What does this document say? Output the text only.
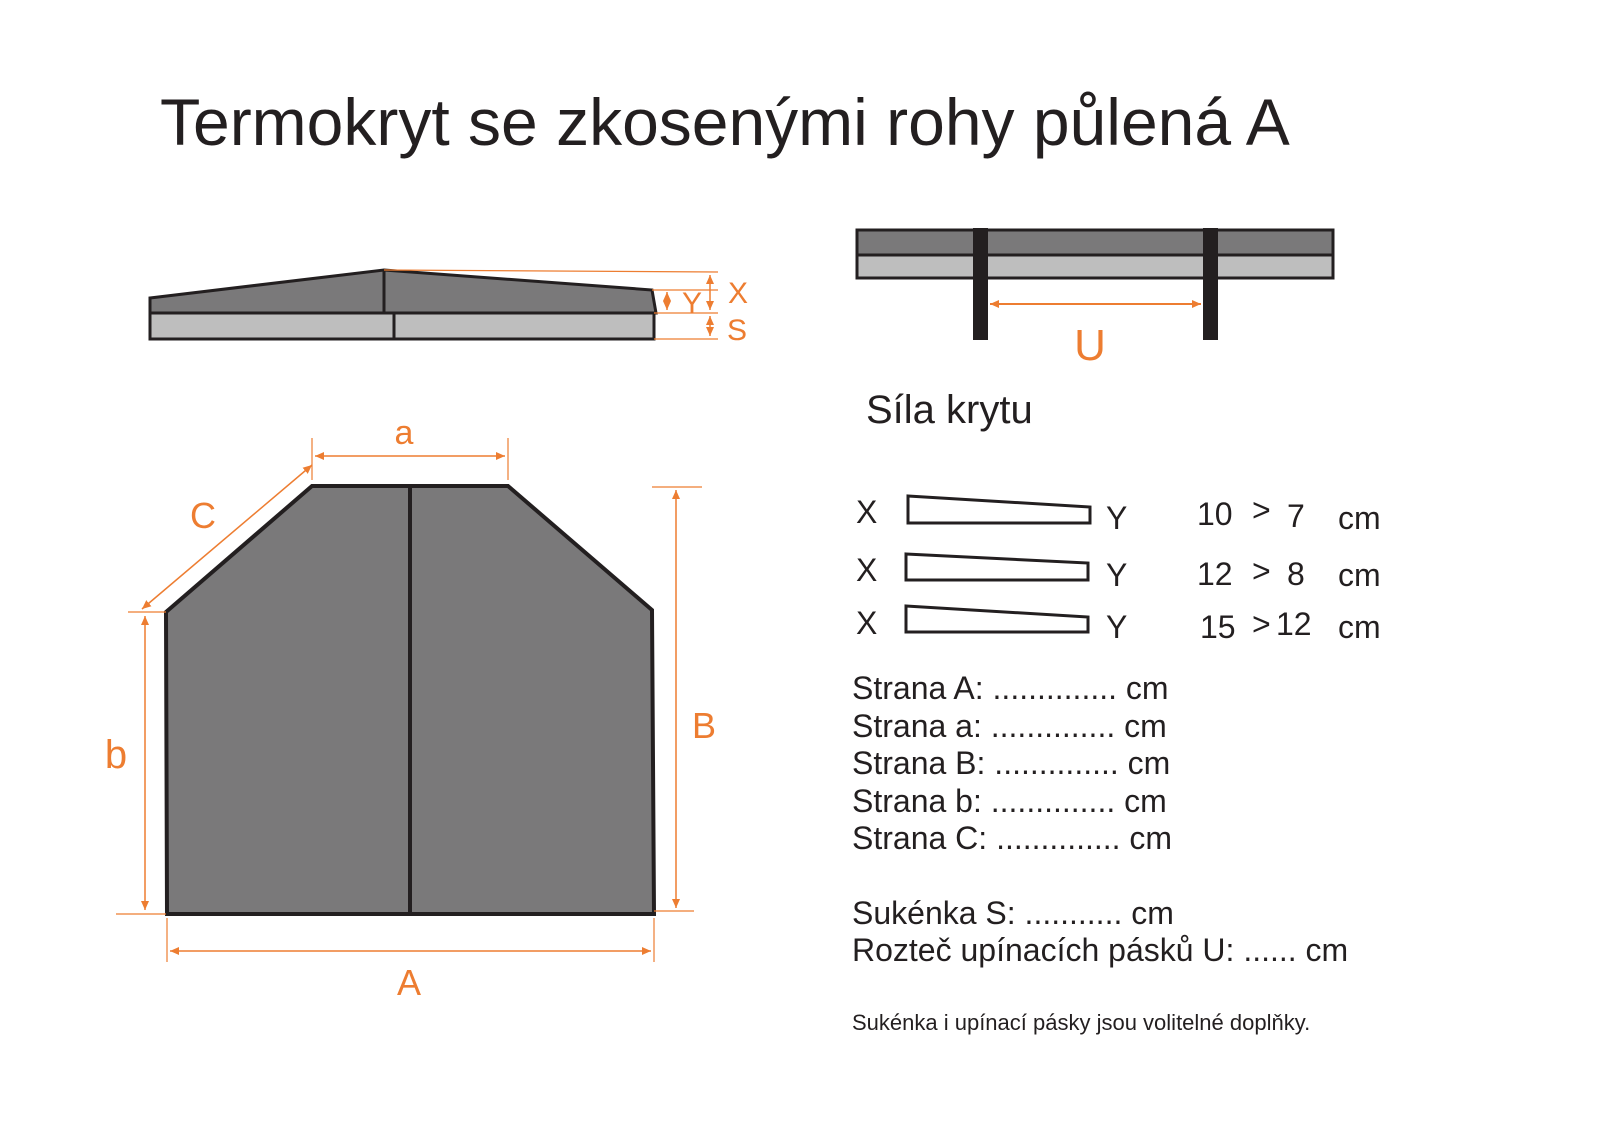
X
Y
S	U
a
C
b
B
A
Termokryt se zkosenými rohy půlená A
Síla krytu
X	Y 10 > 7 cm
X	Y 12 > 8 cm
X	Y 15 > 12 cm
Strana A: .............. cm
Strana a: .............. cm
Strana B: .............. cm
Strana b: .............. cm
Strana C: .............. cm
Sukénka S: ........... cm
Rozteč upínacích pásků U: ...... cm
Sukénka i upínací pásky jsou volitelné doplňky.
